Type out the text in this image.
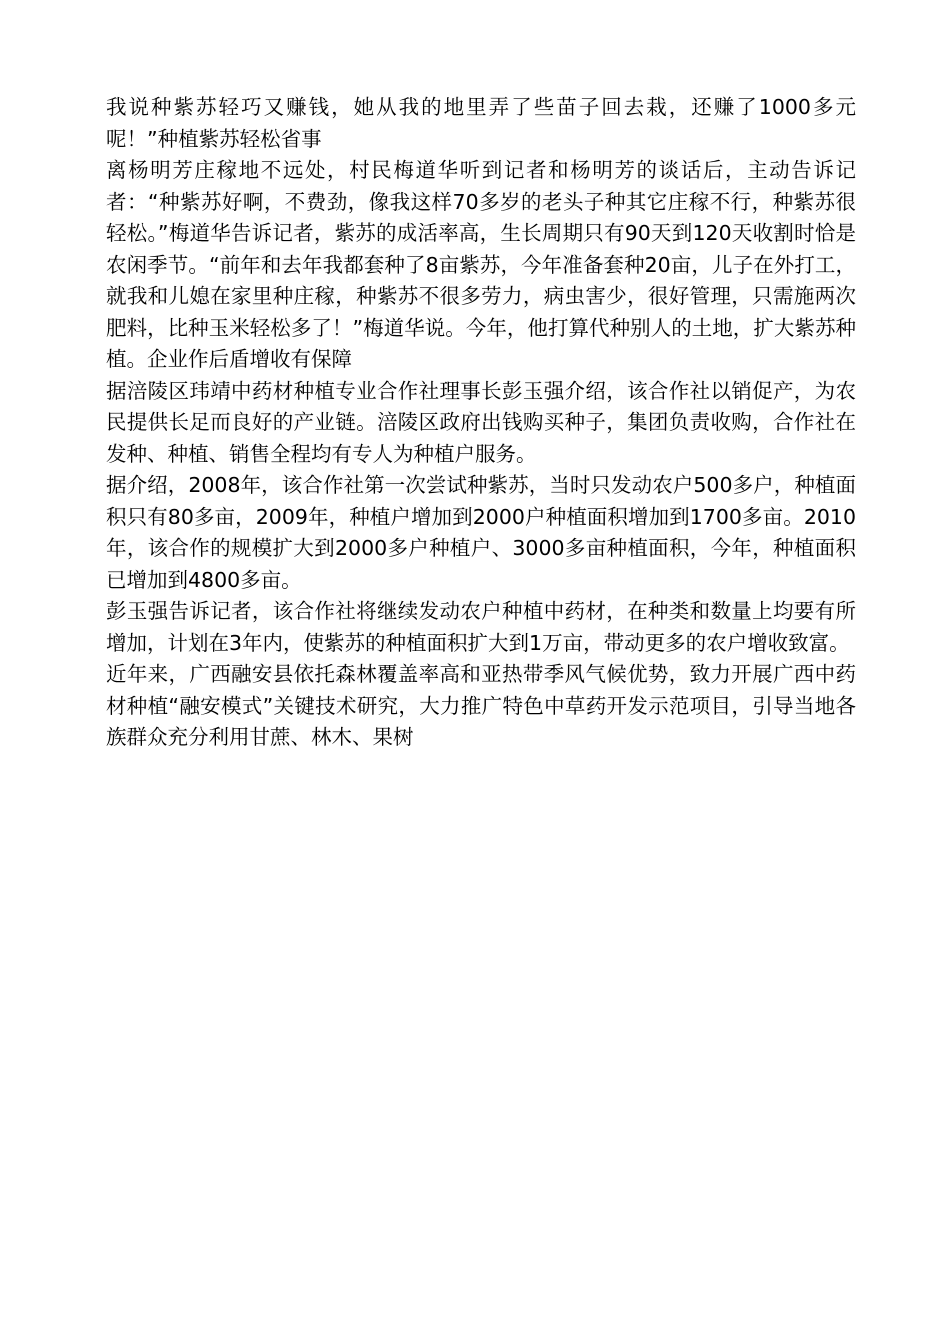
我说种紫苏轻巧又赚钱，她从我的地里弄了些苗子回去栽，还赚了1000多元呢！”种植紫苏轻松省事

离杨明芳庄稼地不远处，村民梅道华听到记者和杨明芳的谈话后，主动告诉记者：“种紫苏好啊，不费劲，像我这样70多岁的老头子种其它庄稼不行，种紫苏很轻松。”梅道华告诉记者，紫苏的成活率高，生长周期只有90天到120天收割时恰是农闲季节。“前年和去年我都套种了8亩紫苏，今年准备套种20亩，儿子在外打工，就我和儿媳在家里种庄稼，种紫苏不很多劳力，病虫害少，很好管理，只需施两次肥料，比种玉米轻松多了！”梅道华说。今年，他打算代种别人的土地，扩大紫苏种植。企业作后盾增收有保障

据涪陵区玮靖中药材种植专业合作社理事长彭玉强介绍，该合作社以销促产，为农民提供长足而良好的产业链。涪陵区政府出钱购买种子，集团负责收购，合作社在发种、种植、销售全程均有专人为种植户服务。

据介绍，2008年，该合作社第一次尝试种紫苏，当时只发动农户500多户，种植面积只有80多亩，2009年，种植户增加到2000户种植面积增加到1700多亩。2010年，该合作的规模扩大到2000多户种植户、3000多亩种植面积，今年，种植面积已增加到4800多亩。

彭玉强告诉记者，该合作社将继续发动农户种植中药材，在种类和数量上均要有所增加，计划在3年内，使紫苏的种植面积扩大到1万亩，带动更多的农户增收致富。

近年来，广西融安县依托森林覆盖率高和亚热带季风气候优势，致力开展广西中药材种植“融安模式”关键技术研究，大力推广特色中草药开发示范项目，引导当地各族群众充分利用甘蔗、林木、果树
